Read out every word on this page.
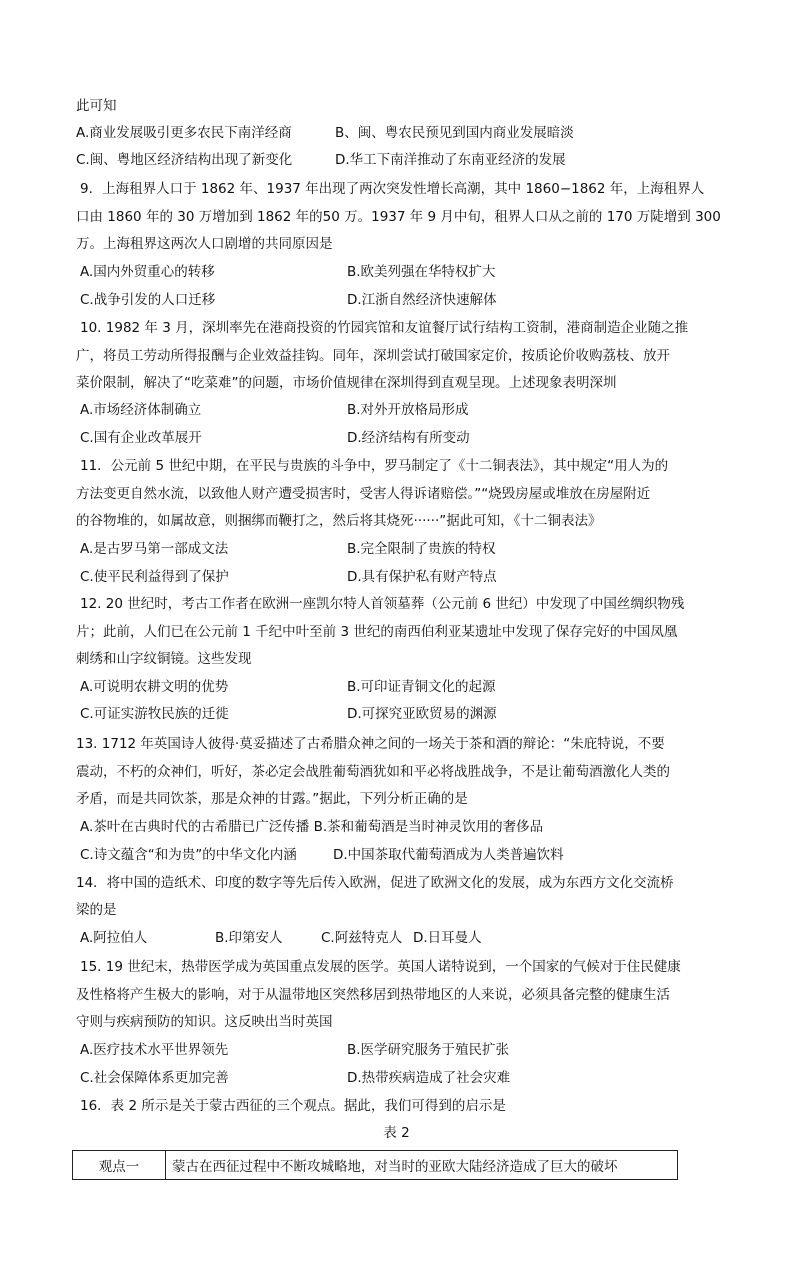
此可知
A.商业发展吸引更多农民下南洋经商	B、闽、粤农民预见到国内商业发展暗淡
C.闽、粤地区经济结构出现了新变化	D.华工下南洋推动了东南亚经济的发展
9．上海租界人口于 1862 年、1937 年出现了两次突发性增长高潮，其中 1860−1862 年，上海租界人
口由 1860 年的 30 万增加到 1862 年的50 万。1937 年 9 月中旬，租界人口从之前的 170 万陡增到 300
万。上海租界这两次人口剧增的共同原因是
A.国内外贸重心的转移	B.欧美列强在华特权扩大
C.战争引发的人口迁移	D.江浙自然经济快速解体
10. 1982 年 3 月，深圳率先在港商投资的竹园宾馆和友谊餐厅试行结构工资制，港商制造企业随之推
广，将员工劳动所得报酬与企业效益挂钩。同年，深圳尝试打破国家定价，按质论价收购荔枝、放开
菜价限制，解决了“吃菜难”的问题，市场价值规律在深圳得到直观呈现。上述现象表明深圳
A.市场经济体制确立	B.对外开放格局形成
C.国有企业改革展开	D.经济结构有所变动
11．公元前 5 世纪中期，在平民与贵族的斗争中，罗马制定了《十二铜表法》，其中规定“用人为的
方法变更自然水流，以致他人财产遭受损害时，受害人得诉诸赔偿。”“烧毁房屋或堆放在房屋附近
的谷物堆的，如属故意，则捆绑而鞭打之，然后将其烧死‧‧‧‧‧‧”据此可知，《十二铜表法》
A.是古罗马第一部成文法	B.完全限制了贵族的特权
C.使平民利益得到了保护	D.具有保护私有财产特点
12. 20 世纪时，考古工作者在欧洲一座凯尔特人首领墓葬（公元前 6 世纪）中发现了中国丝绸织物残
片；此前，人们已在公元前 1 千纪中叶至前 3 世纪的南西伯利亚某遗址中发现了保存完好的中国凤凰
刺绣和山字纹铜镜。这些发现
A.可说明农耕文明的优势	B.可印证青铜文化的起源
C.可证实游牧民族的迁徙	D.可探究亚欧贸易的渊源
13. 1712 年英国诗人彼得‧莫妥描述了古希腊众神之间的一场关于茶和酒的辩论：“朱庇特说，不要
震动，不朽的众神们，听好，茶必定会战胜葡萄酒犹如和平必将战胜战争，不是让葡萄酒激化人类的
矛盾，而是共同饮茶，那是众神的甘露。”据此，下列分析正确的是
A.茶叶在古典时代的古希腊已广泛传播 B.茶和葡萄酒是当时神灵饮用的奢侈品
C.诗文蕴含“和为贵”的中华文化内涵	D.中国茶取代葡萄酒成为人类普遍饮料
14．将中国的造纸术、印度的数字等先后传入欧洲，促进了欧洲文化的发展，成为东西方文化交流桥
梁的是
A.阿拉伯人	B.印第安人	C.阿兹特克人 D.日耳曼人
15. 19 世纪末，热带医学成为英国重点发展的医学。英国人诺特说到，一个国家的气候对于住民健康
及性格将产生极大的影响，对于从温带地区突然移居到热带地区的人来说，必须具备完整的健康生活
守则与疾病预防的知识。这反映出当时英国
A.医疗技术水平世界领先	B.医学研究服务于殖民扩张
C.社会保障体系更加完善	D.热带疾病造成了社会灾难
16．表 2 所示是关于蒙古西征的三个观点。据此，我们可得到的启示是
表 2
观点一	蒙古在西征过程中不断攻城略地，对当时的亚欧大陆经济造成了巨大的破坏
